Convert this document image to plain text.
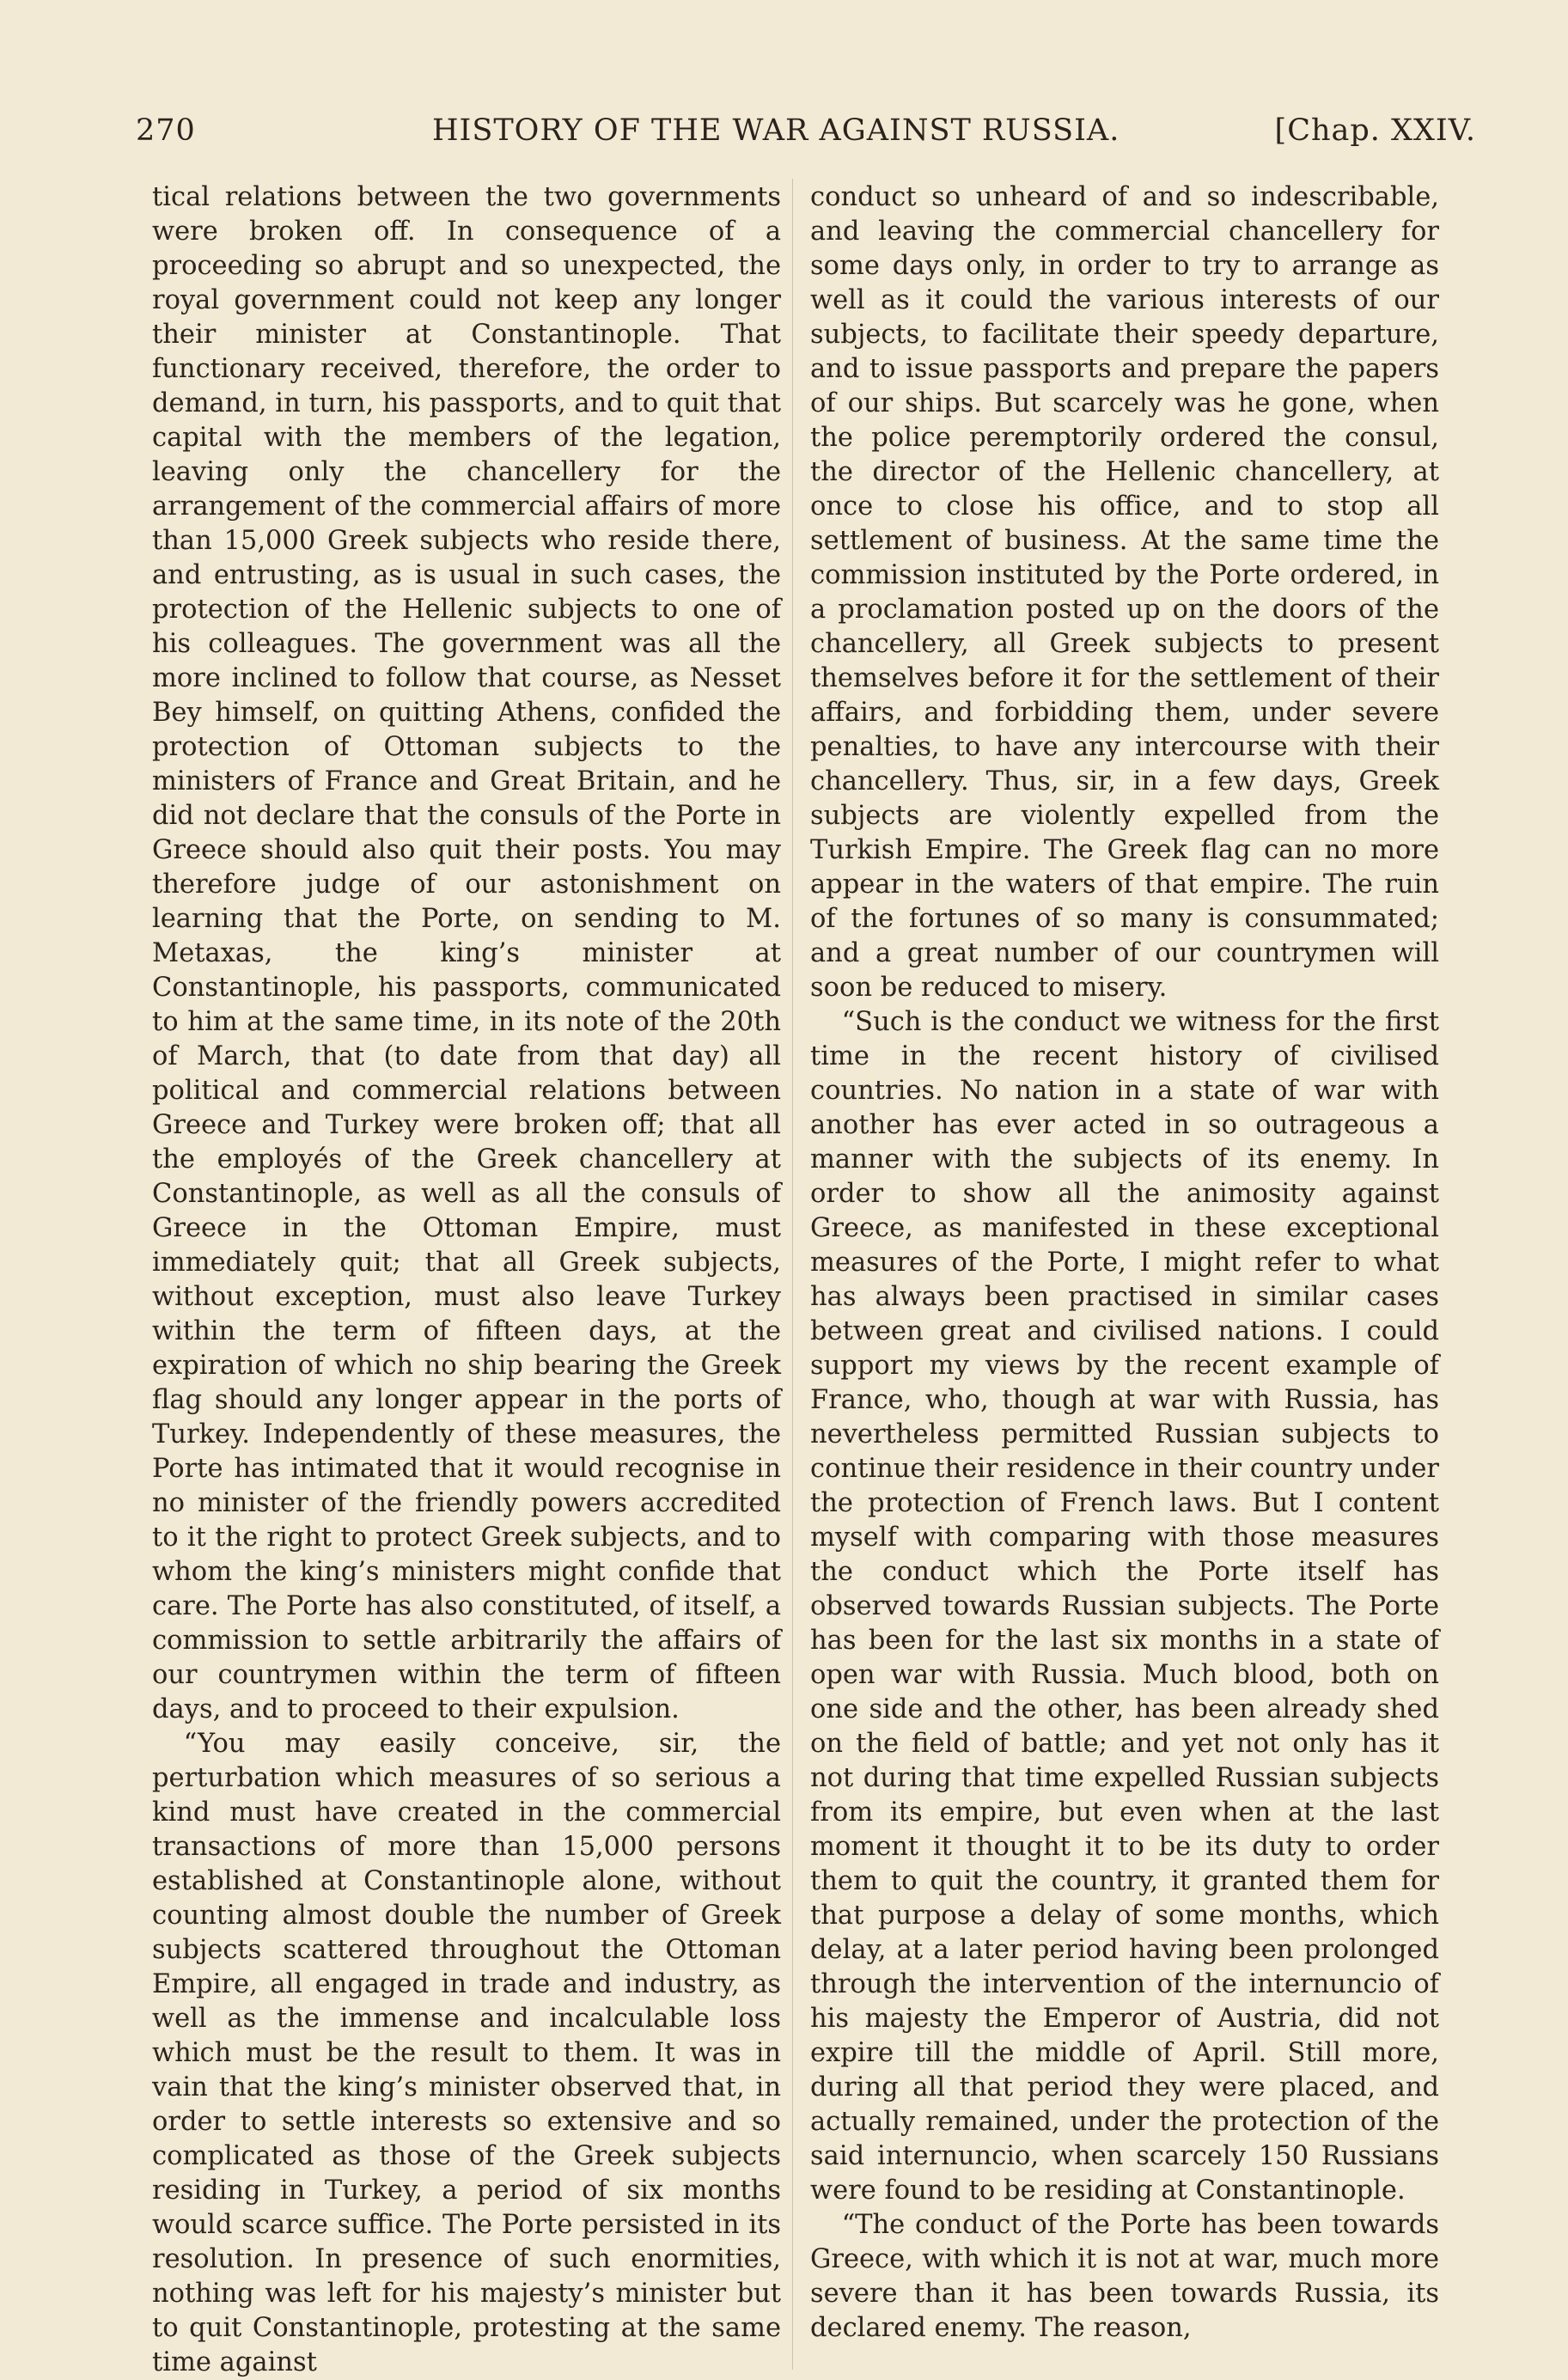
270	HISTORY OF THE WAR AGAINST RUSSIA.	[Chap. XXIV.

tical relations between the two governments were broken off. In consequence of a proceeding so abrupt and so unexpected, the royal government could not keep any longer their minister at Constantinople. That functionary received, therefore, the order to demand, in turn, his passports, and to quit that capital with the members of the legation, leaving only the chancellery for the arrangement of the commercial affairs of more than 15,000 Greek subjects who reside there, and entrusting, as is usual in such cases, the protection of the Hellenic subjects to one of his colleagues. The government was all the more inclined to follow that course, as Nesset Bey himself, on quitting Athens, confided the protection of Ottoman subjects to the ministers of France and Great Britain, and he did not declare that the consuls of the Porte in Greece should also quit their posts. You may therefore judge of our astonishment on learning that the Porte, on sending to M. Metaxas, the king’s minister at Constantinople, his passports, communicated to him at the same time, in its note of the 20th of March, that (to date from that day) all political and commercial relations between Greece and Turkey were broken off; that all the employés of the Greek chancellery at Constantinople, as well as all the consuls of Greece in the Ottoman Empire, must immediately quit; that all Greek subjects, without exception, must also leave Turkey within the term of fifteen days, at the expiration of which no ship bearing the Greek flag should any longer appear in the ports of Turkey. Independently of these measures, the Porte has intimated that it would recognise in no minister of the friendly powers accredited to it the right to protect Greek subjects, and to whom the king’s ministers might confide that care. The Porte has also constituted, of itself, a commission to settle arbitrarily the affairs of our countrymen within the term of fifteen days, and to proceed to their expulsion.

“You may easily conceive, sir, the perturbation which measures of so serious a kind must have created in the commercial transactions of more than 15,000 persons established at Constantinople alone, without counting almost double the number of Greek subjects scattered throughout the Ottoman Empire, all engaged in trade and industry, as well as the immense and incalculable loss which must be the result to them. It was in vain that the king’s minister observed that, in order to settle interests so extensive and so complicated as those of the Greek subjects residing in Turkey, a period of six months would scarce suffice. The Porte persisted in its resolution. In presence of such enormities, nothing was left for his majesty’s minister but to quit Constantinople, protesting at the same time against

conduct so unheard of and so indescribable, and leaving the commercial chancellery for some days only, in order to try to arrange as well as it could the various interests of our subjects, to facilitate their speedy departure, and to issue passports and prepare the papers of our ships. But scarcely was he gone, when the police peremptorily ordered the consul, the director of the Hellenic chancellery, at once to close his office, and to stop all settlement of business. At the same time the commission instituted by the Porte ordered, in a proclamation posted up on the doors of the chancellery, all Greek subjects to present themselves before it for the settlement of their affairs, and forbidding them, under severe penalties, to have any intercourse with their chancellery. Thus, sir, in a few days, Greek subjects are violently expelled from the Turkish Empire. The Greek flag can no more appear in the waters of that empire. The ruin of the fortunes of so many is consummated; and a great number of our countrymen will soon be reduced to misery.

“Such is the conduct we witness for the first time in the recent history of civilised countries. No nation in a state of war with another has ever acted in so outrageous a manner with the subjects of its enemy. In order to show all the animosity against Greece, as manifested in these exceptional measures of the Porte, I might refer to what has always been practised in similar cases between great and civilised nations. I could support my views by the recent example of France, who, though at war with Russia, has nevertheless permitted Russian subjects to continue their residence in their country under the protection of French laws. But I content myself with comparing with those measures the conduct which the Porte itself has observed towards Russian subjects. The Porte has been for the last six months in a state of open war with Russia. Much blood, both on one side and the other, has been already shed on the field of battle; and yet not only has it not during that time expelled Russian subjects from its empire, but even when at the last moment it thought it to be its duty to order them to quit the country, it granted them for that purpose a delay of some months, which delay, at a later period having been prolonged through the intervention of the internuncio of his majesty the Emperor of Austria, did not expire till the middle of April. Still more, during all that period they were placed, and actually remained, under the protection of the said internuncio, when scarcely 150 Russians were found to be residing at Constantinople.

“The conduct of the Porte has been towards Greece, with which it is not at war, much more severe than it has been towards Russia, its declared enemy. The reason,
